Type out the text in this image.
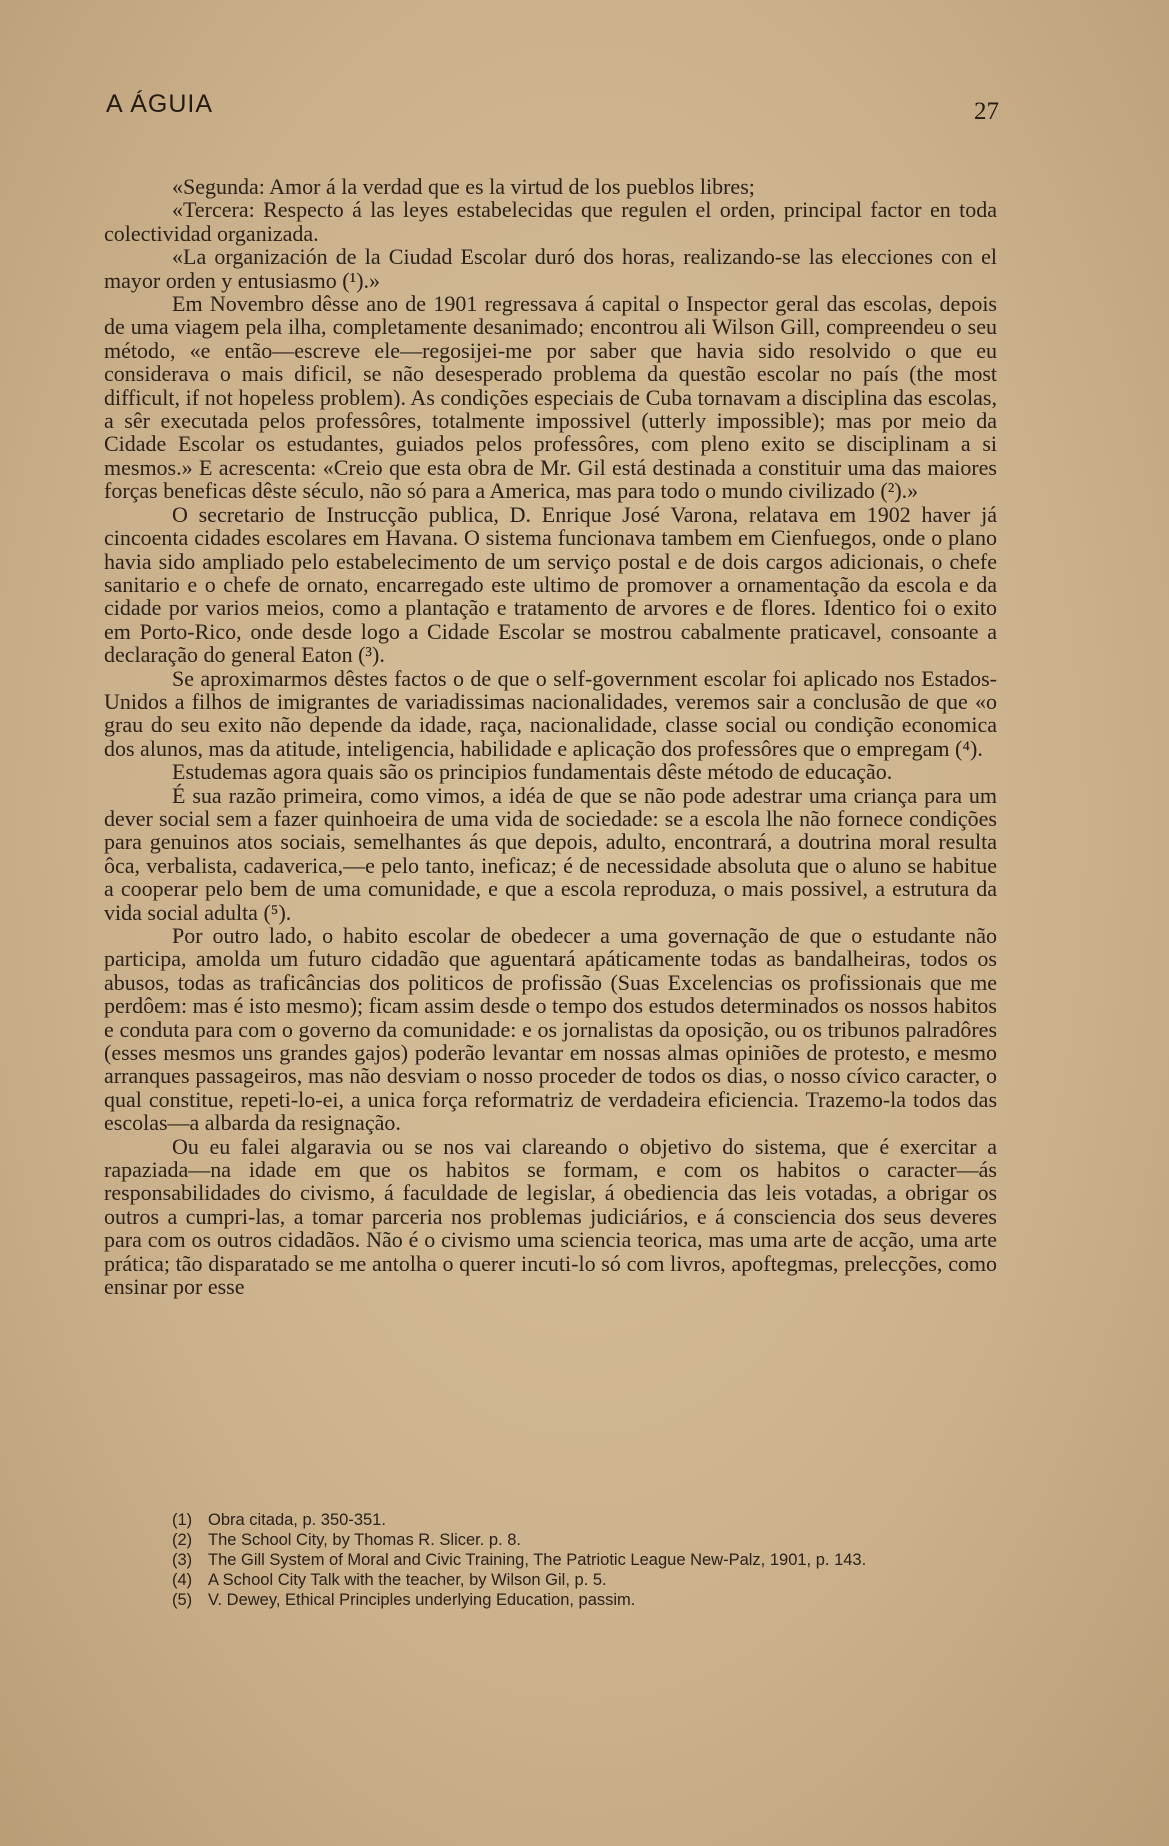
A ÁGUIA	27

«Segunda: Amor á la verdad que es la virtud de los pueblos libres;

«Tercera: Respecto á las leyes estabelecidas que regulen el orden, principal factor en toda colectividad organizada.

«La organización de la Ciudad Escolar duró dos horas, realizando-se las elecciones con el mayor orden y entusiasmo (¹).»

Em Novembro dêsse ano de 1901 regressava á capital o Inspector geral das escolas, depois de uma viagem pela ilha, completamente desanimado; encontrou ali Wilson Gill, compreendeu o seu método, «e então—escreve ele—regosijei-me por saber que havia sido resolvido o que eu considerava o mais dificil, se não desesperado problema da questão escolar no país (the most difficult, if not hopeless problem). As condições especiais de Cuba tornavam a disciplina das escolas, a sêr executada pelos professôres, totalmente impossivel (utterly impossible); mas por meio da Cidade Escolar os estudantes, guiados pelos professôres, com pleno exito se disciplinam a si mesmos.» E acrescenta: «Creio que esta obra de Mr. Gil está destinada a constituir uma das maiores forças beneficas dêste século, não só para a America, mas para todo o mundo civilizado (²).»

O secretario de Instrucção publica, D. Enrique José Varona, relatava em 1902 haver já cincoenta cidades escolares em Havana. O sistema funcionava tambem em Cienfuegos, onde o plano havia sido ampliado pelo estabelecimento de um serviço postal e de dois cargos adicionais, o chefe sanitario e o chefe de ornato, encarregado este ultimo de promover a ornamentação da escola e da cidade por varios meios, como a plantação e tratamento de arvores e de flores. Identico foi o exito em Porto-Rico, onde desde logo a Cidade Escolar se mostrou cabalmente praticavel, consoante a declaração do general Eaton (³).

Se aproximarmos dêstes factos o de que o self-government escolar foi aplicado nos Estados-Unidos a filhos de imigrantes de variadissimas nacionalidades, veremos sair a conclusão de que «o grau do seu exito não depende da idade, raça, nacionalidade, classe social ou condição economica dos alunos, mas da atitude, inteligencia, habilidade e aplicação dos professôres que o empregam (⁴).

Estudemas agora quais são os principios fundamentais dêste método de educação.

É sua razão primeira, como vimos, a idéa de que se não pode adestrar uma criança para um dever social sem a fazer quinhoeira de uma vida de sociedade: se a escola lhe não fornece condições para genuinos atos sociais, semelhantes ás que depois, adulto, encontrará, a doutrina moral resulta ôca, verbalista, cadaverica,—e pelo tanto, ineficaz; é de necessidade absoluta que o aluno se habitue a cooperar pelo bem de uma comunidade, e que a escola reproduza, o mais possivel, a estrutura da vida social adulta (⁵).

Por outro lado, o habito escolar de obedecer a uma governação de que o estudante não participa, amolda um futuro cidadão que aguentará apáticamente todas as bandalheiras, todos os abusos, todas as traficâncias dos politicos de profissão (Suas Excelencias os profissionais que me perdôem: mas é isto mesmo); ficam assim desde o tempo dos estudos determinados os nossos habitos e conduta para com o governo da comunidade: e os jornalistas da oposição, ou os tribunos palradôres (esses mesmos uns grandes gajos) poderão levantar em nossas almas opiniões de protesto, e mesmo arranques passageiros, mas não desviam o nosso proceder de todos os dias, o nosso cívico caracter, o qual constitue, repeti-lo-ei, a unica força reformatriz de verdadeira eficiencia. Trazemo-la todos das escolas—a albarda da resignação.

Ou eu falei algaravia ou se nos vai clareando o objetivo do sistema, que é exercitar a rapaziada—na idade em que os habitos se formam, e com os habitos o caracter—ás responsabilidades do civismo, á faculdade de legislar, á obediencia das leis votadas, a obrigar os outros a cumpri-las, a tomar parceria nos problemas judiciários, e á consciencia dos seus deveres para com os outros cidadãos. Não é o civismo uma sciencia teorica, mas uma arte de acção, uma arte prática; tão disparatado se me antolha o querer incuti-lo só com livros, apoftegmas, prelecções, como ensinar por esse

(1) Obra citada, p. 350-351.
(2) The School City, by Thomas R. Slicer. p. 8.
(3) The Gill System of Moral and Civic Training, The Patriotic League New-Palz, 1901, p. 143.
(4) A School City Talk with the teacher, by Wilson Gil, p. 5.
(5) V. Dewey, Ethical Principles underlying Education, passim.
